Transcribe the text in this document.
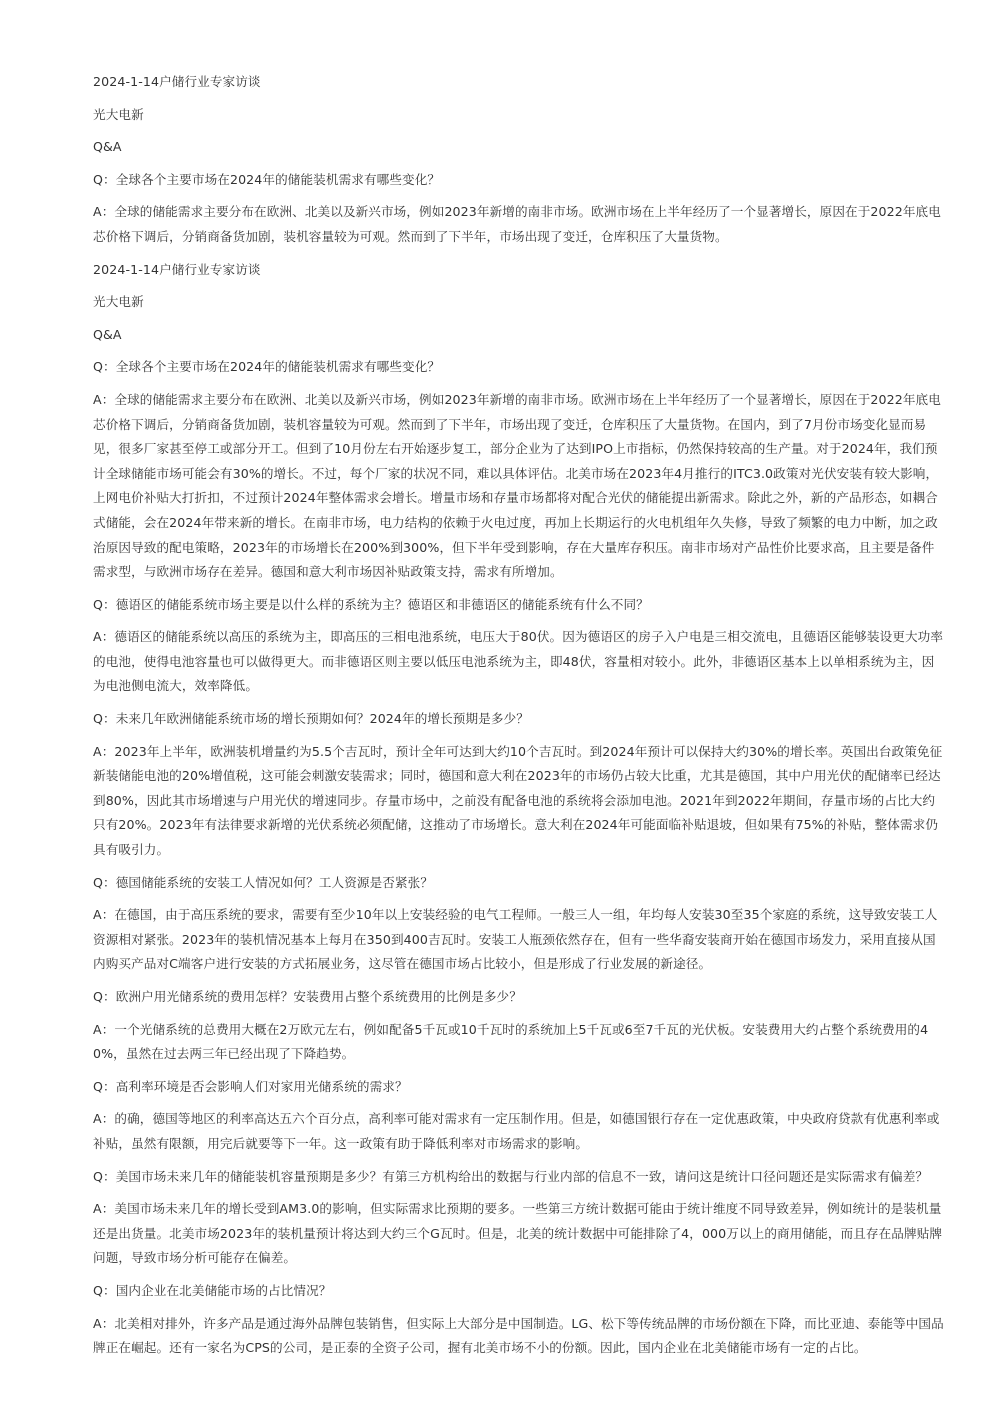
2024-1-14户储行业专家访谈

光大电新

Q&A

Q：全球各个主要市场在2024年的储能装机需求有哪些变化？

A：全球的储能需求主要分布在欧洲、北美以及新兴市场，例如2023年新增的南非市场。欧洲市场在上半年经历了一个显著增长，原因在于2022年底电芯价格下调后，分销商备货加剧，装机容量较为可观。然而到了下半年，市场出现了变迁，仓库积压了大量货物。

2024-1-14户储行业专家访谈

光大电新

Q&A

Q：全球各个主要市场在2024年的储能装机需求有哪些变化？

A：全球的储能需求主要分布在欧洲、北美以及新兴市场，例如2023年新增的南非市场。欧洲市场在上半年经历了一个显著增长，原因在于2022年底电芯价格下调后，分销商备货加剧，装机容量较为可观。然而到了下半年，市场出现了变迁，仓库积压了大量货物。在国内，到了7月份市场变化显而易见，很多厂家甚至停工或部分开工。但到了10月份左右开始逐步复工，部分企业为了达到IPO上市指标，仍然保持较高的生产量。对于2024年，我们预计全球储能市场可能会有30%的增长。不过，每个厂家的状况不同，难以具体评估。北美市场在2023年4月推行的ITC3.0政策对光伏安装有较大影响，上网电价补贴大打折扣，不过预计2024年整体需求会增长。增量市场和存量市场都将对配合光伏的储能提出新需求。除此之外，新的产品形态，如耦合式储能，会在2024年带来新的增长。在南非市场，电力结构的依赖于火电过度，再加上长期运行的火电机组年久失修，导致了频繁的电力中断，加之政治原因导致的配电策略，2023年的市场增长在200%到300%，但下半年受到影响，存在大量库存积压。南非市场对产品性价比要求高，且主要是备件需求型，与欧洲市场存在差异。德国和意大利市场因补贴政策支持，需求有所增加。

Q：德语区的储能系统市场主要是以什么样的系统为主？德语区和非德语区的储能系统有什么不同？

A：德语区的储能系统以高压的系统为主，即高压的三相电池系统，电压大于80伏。因为德语区的房子入户电是三相交流电，且德语区能够装设更大功率的电池，使得电池容量也可以做得更大。而非德语区则主要以低压电池系统为主，即48伏，容量相对较小。此外，非德语区基本上以单相系统为主，因为电池侧电流大，效率降低。

Q：未来几年欧洲储能系统市场的增长预期如何？2024年的增长预期是多少？

A：2023年上半年，欧洲装机增量约为5.5个吉瓦时，预计全年可达到大约10个吉瓦时。到2024年预计可以保持大约30%的增长率。英国出台政策免征新装储能电池的20%增值税，这可能会刺激安装需求；同时，德国和意大利在2023年的市场仍占较大比重，尤其是德国，其中户用光伏的配储率已经达到80%，因此其市场增速与户用光伏的增速同步。存量市场中，之前没有配备电池的系统将会添加电池。2021年到2022年期间，存量市场的占比大约只有20%。2023年有法律要求新增的光伏系统必须配储，这推动了市场增长。意大利在2024年可能面临补贴退坡，但如果有75%的补贴，整体需求仍具有吸引力。

Q：德国储能系统的安装工人情况如何？工人资源是否紧张？

A：在德国，由于高压系统的要求，需要有至少10年以上安装经验的电气工程师。一般三人一组，年均每人安装30至35个家庭的系统，这导致安装工人资源相对紧张。2023年的装机情况基本上每月在350到400吉瓦时。安装工人瓶颈依然存在，但有一些华裔安装商开始在德国市场发力，采用直接从国内购买产品对C端客户进行安装的方式拓展业务，这尽管在德国市场占比较小，但是形成了行业发展的新途径。

Q：欧洲户用光储系统的费用怎样？安装费用占整个系统费用的比例是多少？

A：一个光储系统的总费用大概在2万欧元左右，例如配备5千瓦或10千瓦时的系统加上5千瓦或6至7千瓦的光伏板。安装费用大约占整个系统费用的40%，虽然在过去两三年已经出现了下降趋势。

Q：高利率环境是否会影响人们对家用光储系统的需求？

A：的确，德国等地区的利率高达五六个百分点，高利率可能对需求有一定压制作用。但是，如德国银行存在一定优惠政策，中央政府贷款有优惠利率或补贴，虽然有限额，用完后就要等下一年。这一政策有助于降低利率对市场需求的影响。

Q：美国市场未来几年的储能装机容量预期是多少？有第三方机构给出的数据与行业内部的信息不一致，请问这是统计口径问题还是实际需求有偏差？

A：美国市场未来几年的增长受到AM3.0的影响，但实际需求比预期的要多。一些第三方统计数据可能由于统计维度不同导致差异，例如统计的是装机量还是出货量。北美市场2023年的装机量预计将达到大约三个G瓦时。但是，北美的统计数据中可能排除了4，000万以上的商用储能，而且存在品牌贴牌问题，导致市场分析可能存在偏差。

Q：国内企业在北美储能市场的占比情况？

A：北美相对排外，许多产品是通过海外品牌包装销售，但实际上大部分是中国制造。LG、松下等传统品牌的市场份额在下降，而比亚迪、泰能等中国品牌正在崛起。还有一家名为CPS的公司，是正泰的全资子公司，握有北美市场不小的份额。因此，国内企业在北美储能市场有一定的占比。
